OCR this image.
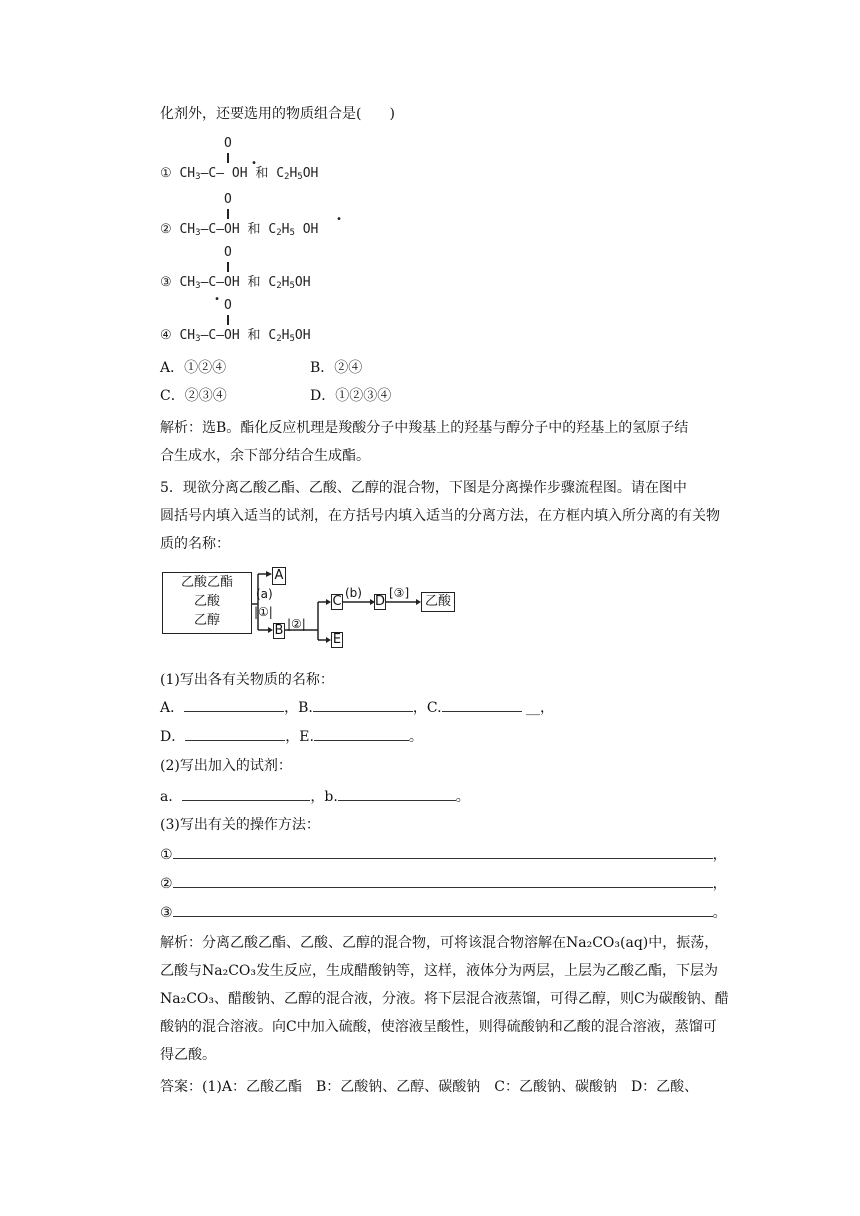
化剂外，还要选用的物质组合是(　　)
O
•
① $CH_3—C—$ OH 和 $C_2H_5OH$
O
•
② $CH_3—C—OH$ 和 $C_2H_5$ OH
O
③ $CH_3—C—OH$ 和 $C_2H_5OH$
• O
④ $CH_3—C—OH$ 和 $C_2H_5OH$
A．①②④	B．②④
C．②③④	D．①②③④
解析：选B。酯化反应机理是羧酸分子中羧基上的羟基与醇分子中的羟基上的氢原子结
合生成水，余下部分结合生成酯。
5．现欲分离乙酸乙酯、乙酸、乙醇的混合物，下图是分离操作步骤流程图。请在图中
圆括号内填入适当的试剂，在方括号内填入适当的分离方法，在方框内填入所分离的有关物
质的名称：
乙酸乙酯
乙酸
乙醇
(a)
|①|
A
B |②|
C
(b)
D
[③]
E
乙酸
(1)写出各有关物质的名称：
A．	，B.	，C.	__，
D．	，E.	。
(2)写出加入的试剂：
a．	，b.	。
(3)写出有关的操作方法：
①	，
②	，
③	。
解析：分离乙酸乙酯、乙酸、乙醇的混合物，可将该混合物溶解在Na₂CO₃(aq)中，振荡，
乙酸与Na₂CO₃发生反应，生成醋酸钠等，这样，液体分为两层，上层为乙酸乙酯，下层为
Na₂CO₃、醋酸钠、乙醇的混合液，分液。将下层混合液蒸馏，可得乙醇，则C为碳酸钠、醋
酸钠的混合溶液。向C中加入硫酸，使溶液呈酸性，则得硫酸钠和乙酸的混合溶液，蒸馏可
得乙酸。
答案：(1)A：乙酸乙酯　B：乙酸钠、乙醇、碳酸钠　C：乙酸钠、碳酸钠　D：乙酸、
